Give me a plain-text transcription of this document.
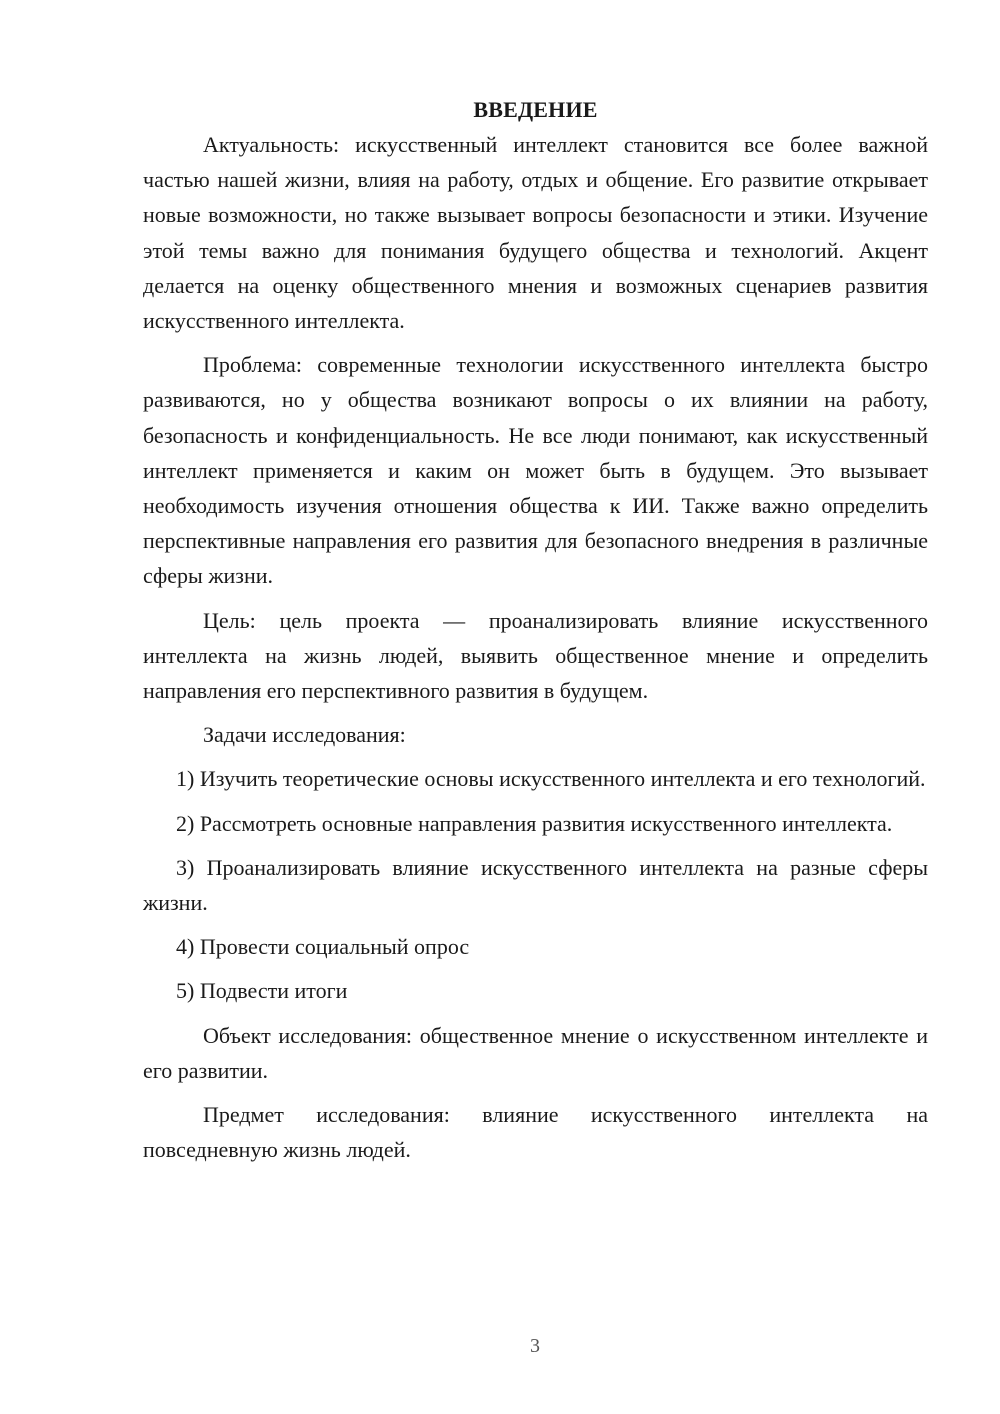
ВВЕДЕНИЕ

Актуальность: искусственный интеллект становится все более важной частью нашей жизни, влияя на работу, отдых и общение. Его развитие открывает новые возможности, но также вызывает вопросы безопасности и этики. Изучение этой темы важно для понимания будущего общества и технологий. Акцент делается на оценку общественного мнения и возможных сценариев развития искусственного интеллекта.

Проблема: современные технологии искусственного интеллекта быстро развиваются, но у общества возникают вопросы о их влиянии на работу, безопасность и конфиденциальность. Не все люди понимают, как искусственный интеллект применяется и каким он может быть в будущем. Это вызывает необходимость изучения отношения общества к ИИ. Также важно определить перспективные направления его развития для безопасного внедрения в различные сферы жизни.

Цель: цель проекта — проанализировать влияние искусственного интеллекта на жизнь людей, выявить общественное мнение и определить направления его перспективного развития в будущем.

Задачи исследования:

1) Изучить теоретические основы искусственного интеллекта и его технологий.

2) Рассмотреть основные направления развития искусственного интеллекта.

3) Проанализировать влияние искусственного интеллекта на разные сферы жизни.

4) Провести социальный опрос

5) Подвести итоги

Объект исследования: общественное мнение о искусственном интеллекте и его развитии.

Предмет исследования: влияние искусственного интеллекта на повседневную жизнь людей.

3
